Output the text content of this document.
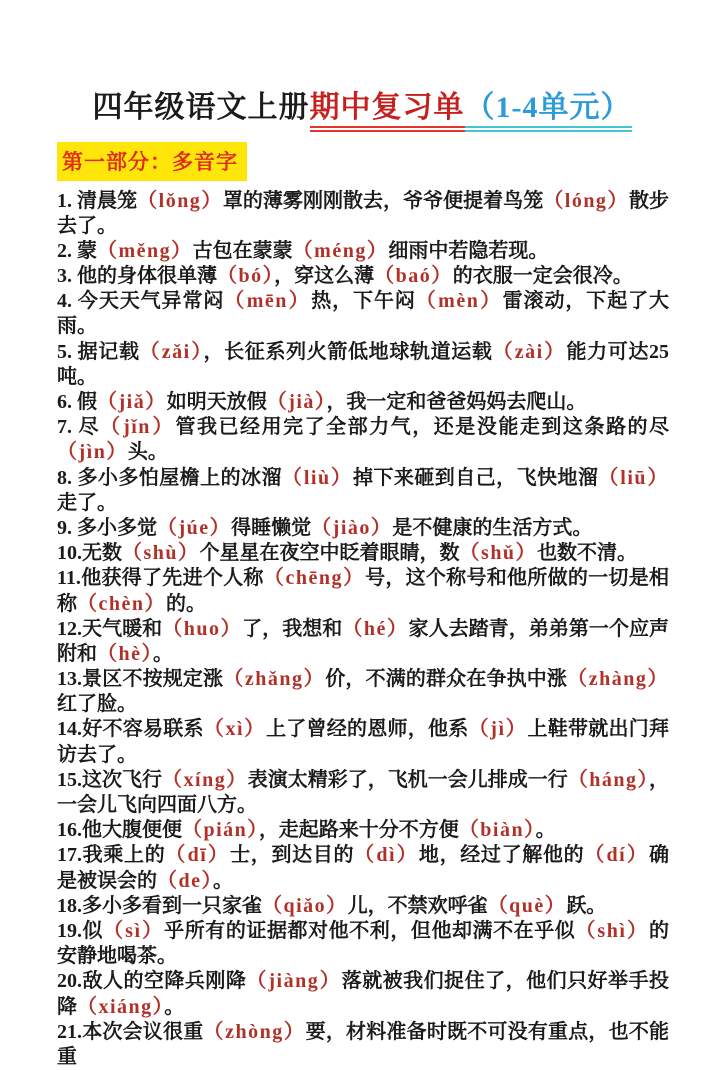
四年级语文上册期中复习单（1-4单元）
第一部分：多音字

1. 清晨笼（lǒng）罩的薄雾刚刚散去，爷爷便提着鸟笼（lóng）散步去了。

2. 蒙（měng）古包在蒙蒙（méng）细雨中若隐若现。

3. 他的身体很单薄（bó），穿这么薄（baó）的衣服一定会很冷。

4. 今天天气异常闷（mēn）热，下午闷（mèn）雷滚动，下起了大雨。

5. 据记载（zǎi），长征系列火箭低地球轨道运载（zài）能力可达25吨。

6. 假（jiǎ）如明天放假（jià），我一定和爸爸妈妈去爬山。

7. 尽（jǐn）管我已经用完了全部力气，还是没能走到这条路的尽（jìn）头。

8. 多小多怕屋檐上的冰溜（liù）掉下来砸到自己，飞快地溜（liū）走了。

9. 多小多觉（júe）得睡懒觉（jiào）是不健康的生活方式。

10.无数（shù）个星星在夜空中眨着眼睛，数（shǔ）也数不清。

11.他获得了先进个人称（chēng）号，这个称号和他所做的一切是相称（chèn）的。

12.天气暖和（huo）了，我想和（hé）家人去踏青，弟弟第一个应声附和（hè）。

13.景区不按规定涨（zhǎng）价，不满的群众在争执中涨（zhàng）红了脸。

14.好不容易联系（xì）上了曾经的恩师，他系（jì）上鞋带就出门拜访去了。

15.这次飞行（xíng）表演太精彩了，飞机一会儿排成一行（háng），一会儿飞向四面八方。

16.他大腹便便（pián），走起路来十分不方便（biàn）。

17.我乘上的（dī）士，到达目的（dì）地，经过了解他的（dí）确是被误会的（de）。

18.多小多看到一只家雀（qiǎo）儿，不禁欢呼雀（què）跃。

19.似（sì）乎所有的证据都对他不利，但他却满不在乎似（shì）的安静地喝茶。

20.敌人的空降兵刚降（jiàng）落就被我们捉住了，他们只好举手投降（xiáng）。

21.本次会议很重（zhòng）要，材料准备时既不可没有重点，也不能重
